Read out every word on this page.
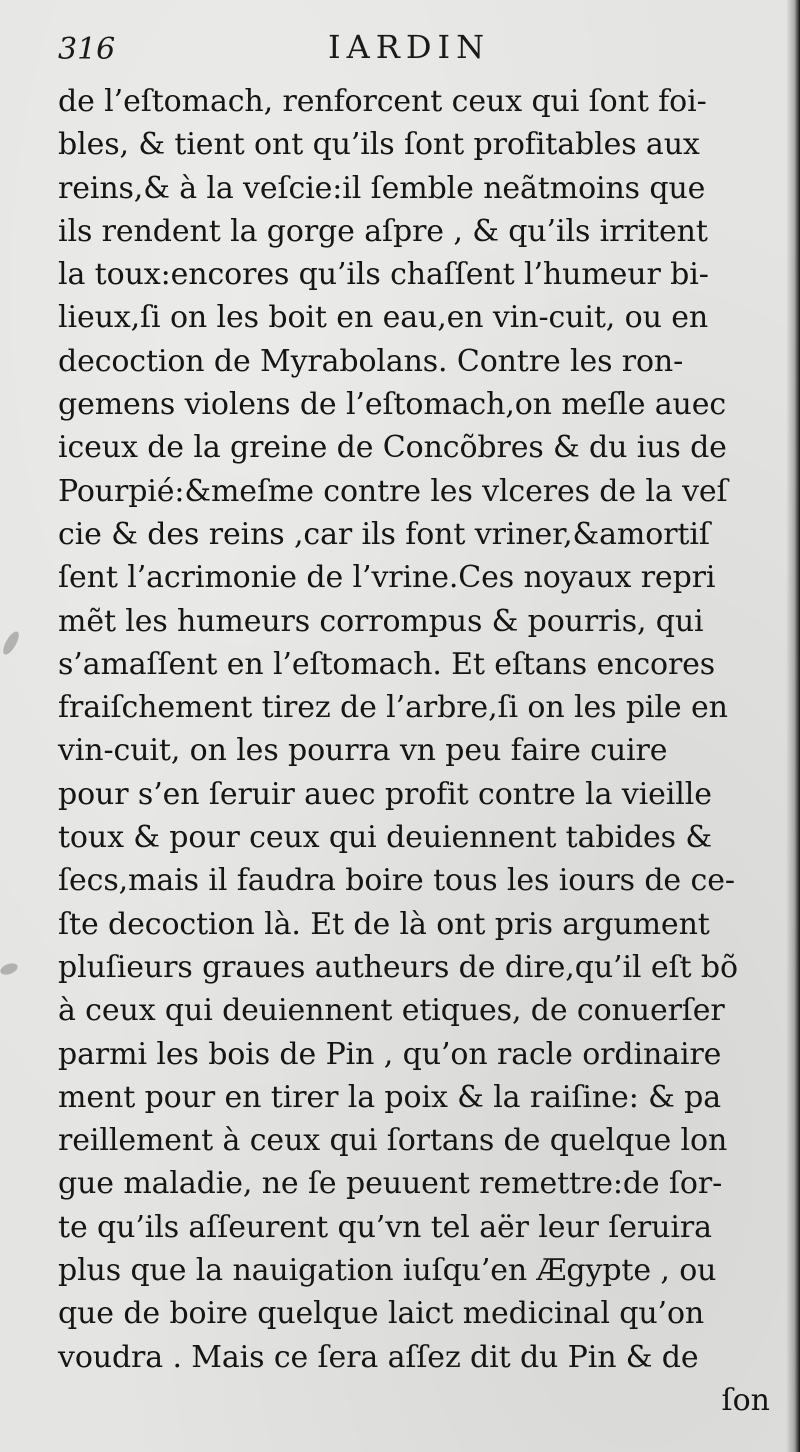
316	IARDIN
de l’eſtomach, renforcent ceux qui ſont foi-
bles, & tient ont qu’ils ſont profitables aux
reins,& à la veſcie:il ſemble neãtmoins que
ils rendent la gorge aſpre , & qu’ils irritent
la toux:encores qu’ils chaſſent l’humeur bi-
lieux,ſi on les boit en eau,en vin-cuit, ou en
decoction de Myrabolans. Contre les ron-
gemens violens de l’eſtomach,on meſle auec
iceux de la greine de Concõbres & du ius de
Pourpié:&meſme contre les vlceres de la veſ
cie & des reins ,car ils font vriner,&amortiſ
ſent l’acrimonie de l’vrine.Ces noyaux repri
mẽt les humeurs corrompus & pourris, qui
s’amaſſent en l’eſtomach. Et eſtans encores
fraiſchement tirez de l’arbre,ſi on les pile en
vin-cuit, on les pourra vn peu faire cuire
pour s’en ſeruir auec profit contre la vieille
toux & pour ceux qui deuiennent tabides &
ſecs,mais il faudra boire tous les iours de ce-
ſte decoction là. Et de là ont pris argument
pluſieurs graues autheurs de dire,qu’il eſt bõ
à ceux qui deuiennent etiques, de conuerſer
parmi les bois de Pin , qu’on racle ordinaire
ment pour en tirer la poix & la raiſine: & pa
reillement à ceux qui ſortans de quelque lon
gue maladie, ne ſe peuuent remettre:de ſor-
te qu’ils aſſeurent qu’vn tel aër leur ſeruira
plus que la nauigation iuſqu’en Ægypte , ou
que de boire quelque laict medicinal qu’on
voudra . Mais ce ſera aſſez dit du Pin & de
ſon
